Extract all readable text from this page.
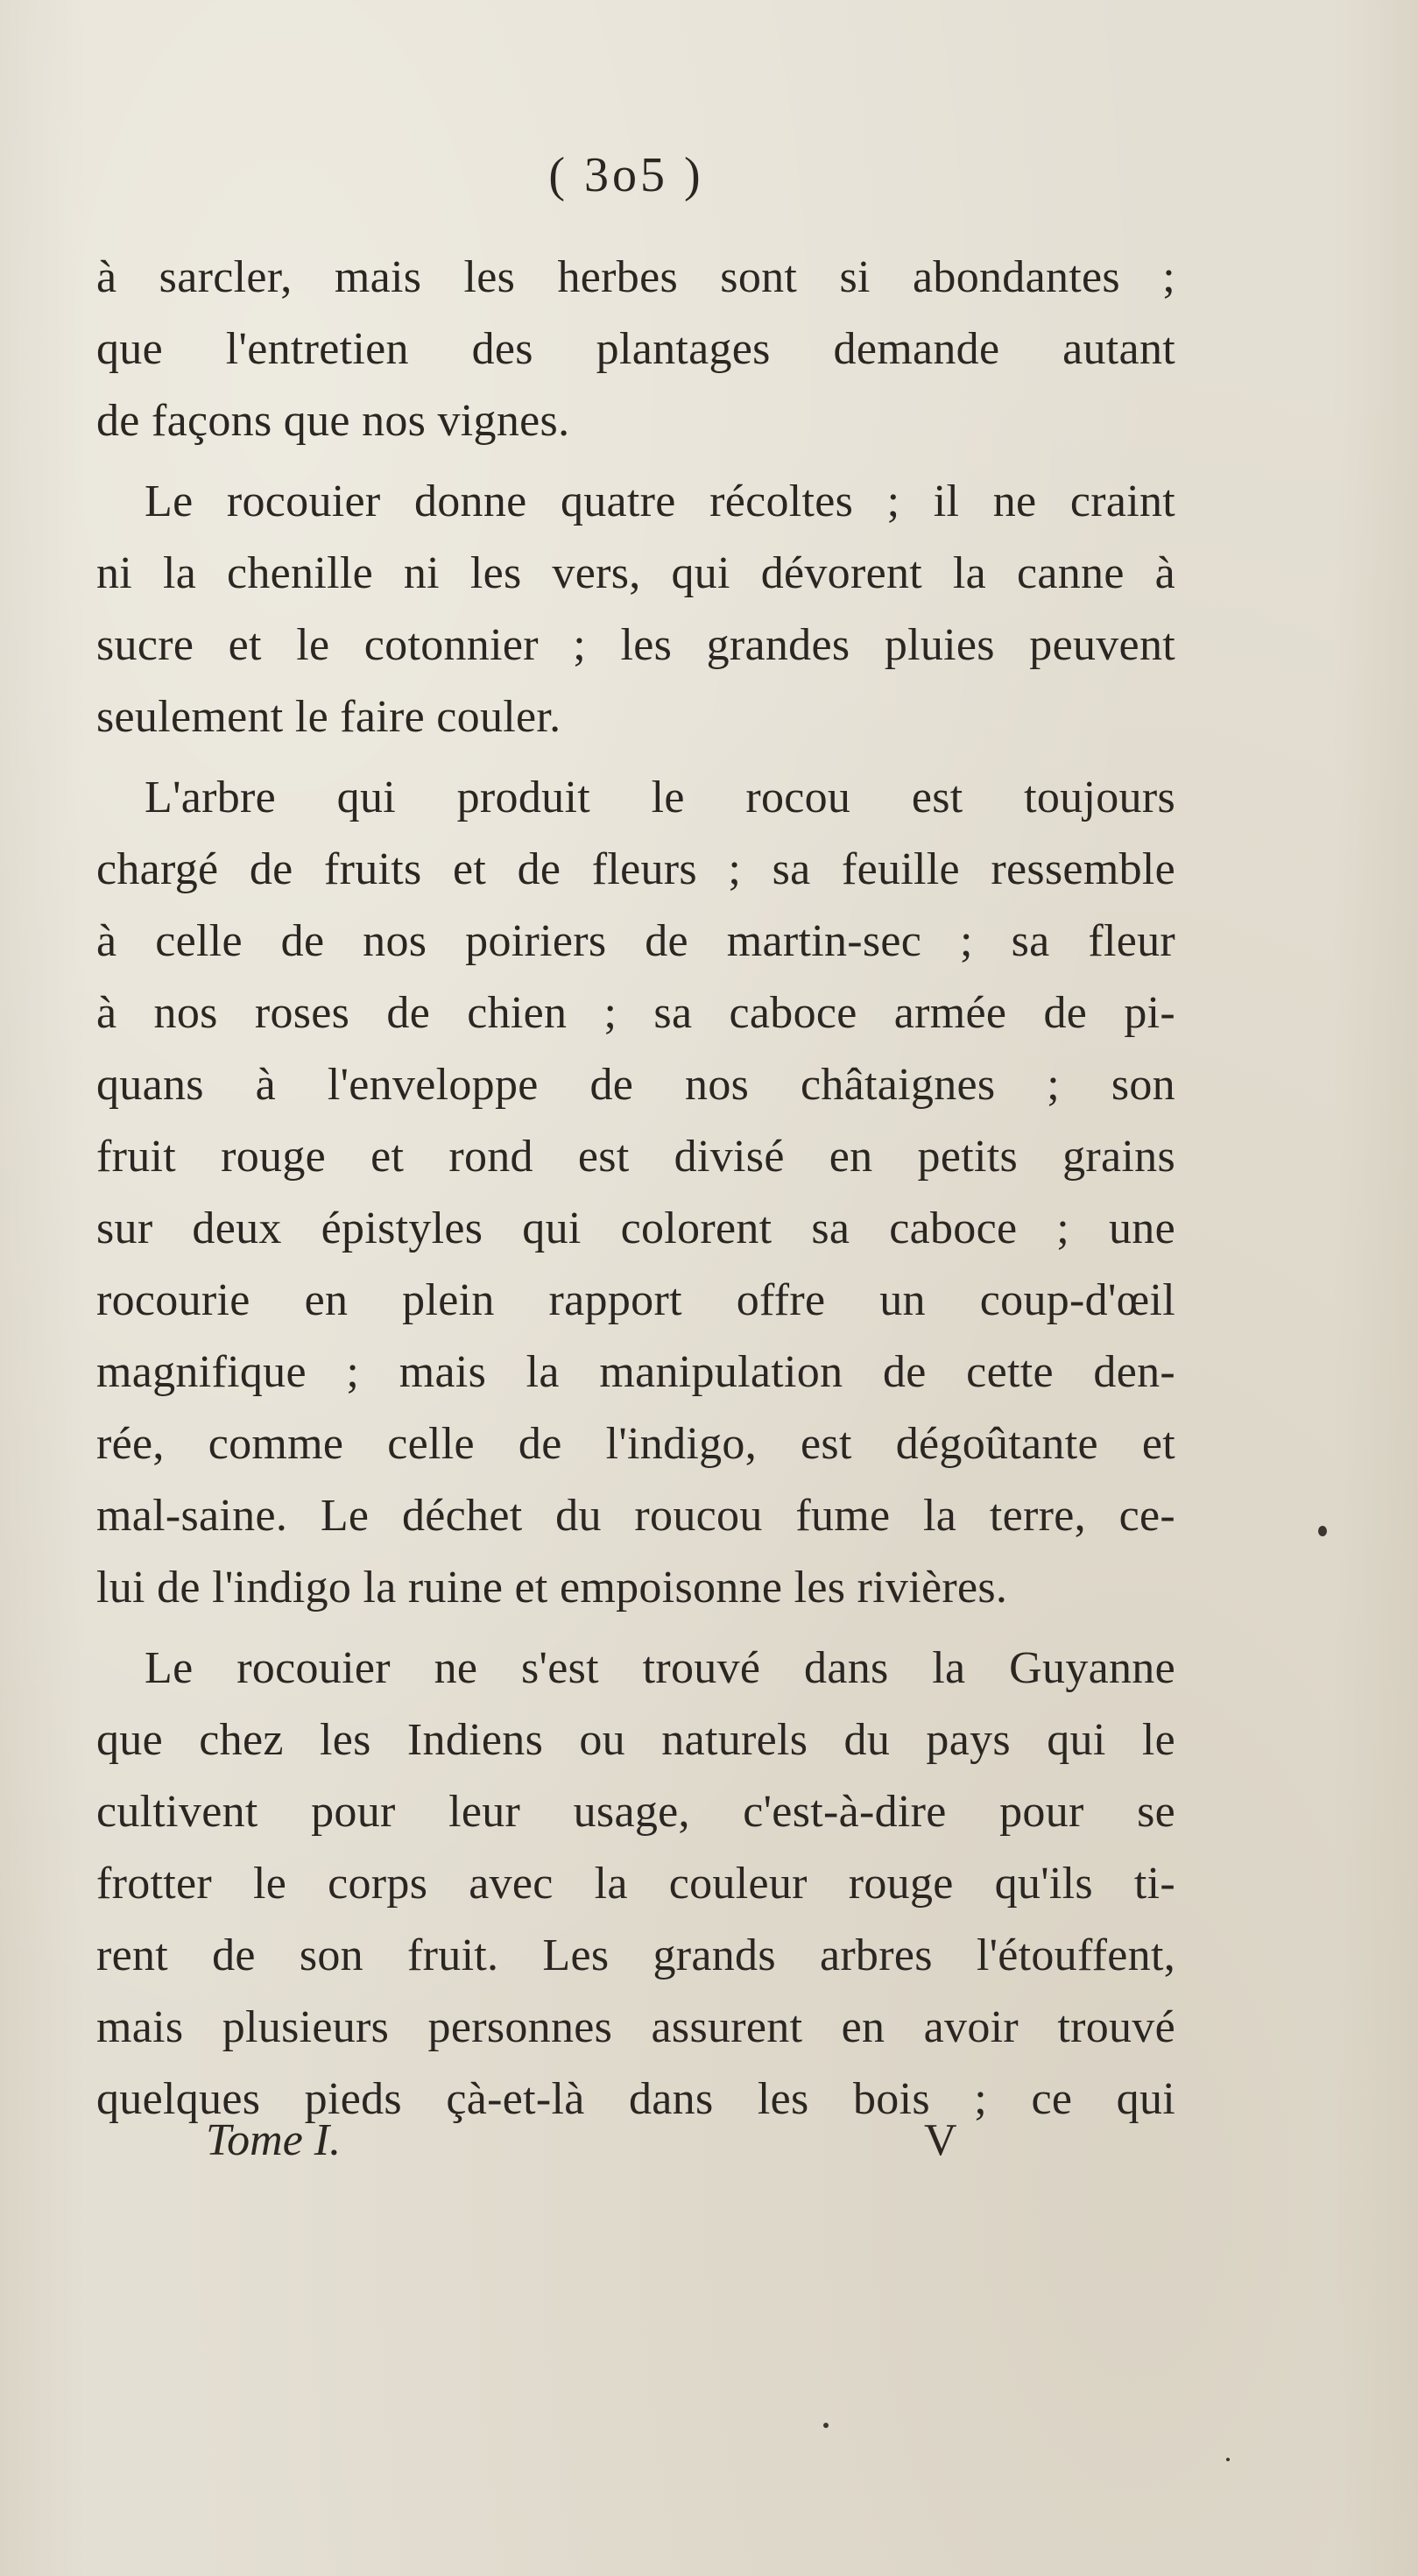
( 3o5 )
à sarcler, mais les herbes sont si abondantes ;
que l'entretien des plantages demande autant
de façons que nos vignes.
Le rocouier donne quatre récoltes ; il ne craint
ni la chenille ni les vers, qui dévorent la canne à
sucre et le cotonnier ; les grandes pluies peuvent
seulement le faire couler.
L'arbre qui produit le rocou est toujours
chargé de fruits et de fleurs ; sa feuille ressemble
à celle de nos poiriers de martin-sec ; sa fleur
à nos roses de chien ; sa caboce armée de pi-
quans à l'enveloppe de nos châtaignes ; son
fruit rouge et rond est divisé en petits grains
sur deux épistyles qui colorent sa caboce ; une
rocourie en plein rapport offre un coup-d'œil
magnifique ; mais la manipulation de cette den-
rée, comme celle de l'indigo, est dégoûtante et
mal-saine. Le déchet du roucou fume la terre, ce-
lui de l'indigo la ruine et empoisonne les rivières.
Le rocouier ne s'est trouvé dans la Guyanne
que chez les Indiens ou naturels du pays qui le
cultivent pour leur usage, c'est-à-dire pour se
frotter le corps avec la couleur rouge qu'ils ti-
rent de son fruit. Les grands arbres l'étouffent,
mais plusieurs personnes assurent en avoir trouvé
quelques pieds çà-et-là dans les bois ; ce qui
Tome I.	V
